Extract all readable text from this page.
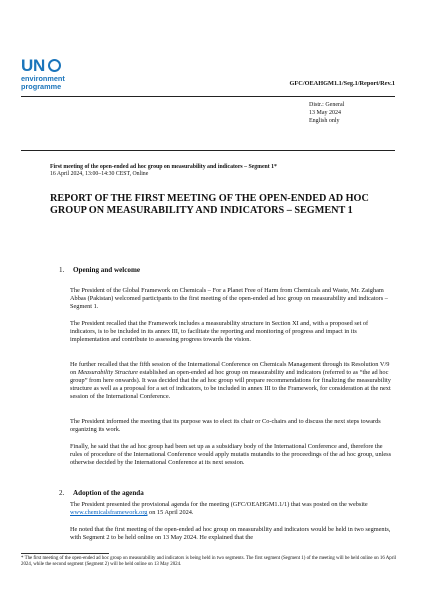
UN
environment
programme	GFC/OEAHGM1.1/Seg.1/Report/Rev.1
Distr.: General
13 May 2024
English only
First meeting of the open-ended ad hoc group on measurability and indicators – Segment 1*
16 April 2024, 13:00–14:30 CEST, Online
REPORT OF THE FIRST MEETING OF THE OPEN-ENDED AD HOC GROUP ON MEASURABILITY AND INDICATORS – SEGMENT 1
1. Opening and welcome
The President of the Global Framework on Chemicals – For a Planet Free of Harm from Chemicals and Waste, Mr. Zaigham Abbas (Pakistan) welcomed participants to the first meeting of the open-ended ad hoc group on measurability and indicators – Segment 1.
The President recalled that the Framework includes a measurability structure in Section XI and, with a proposed set of indicators, is to be included in its annex III, to facilitate the reporting and monitoring of progress and impact in its implementation and contribute to assessing progress towards the vision.
He further recalled that the fifth session of the International Conference on Chemicals Management through its Resolution V/9 on Measurability Structure established an open-ended ad hoc group on measurability and indicators (referred to as “the ad hoc group” from here onwards). It was decided that the ad hoc group will prepare recommendations for finalizing the measurability structure as well as a proposal for a set of indicators, to be included in annex III to the Framework, for consideration at the next session of the International Conference.
The President informed the meeting that its purpose was to elect its chair or Co-chairs and to discuss the next steps towards organizing its work.
Finally, he said that the ad hoc group had been set up as a subsidiary body of the International Conference and, therefore the rules of procedure of the International Conference would apply mutatis mutandis to the proceedings of the ad hoc group, unless otherwise decided by the International Conference at its next session.
2. Adoption of the agenda
The President presented the provisional agenda for the meeting (GFC/OEAHGM1.1/1) that was posted on the website www.chemicalsframework.org on 15 April 2024.
He noted that the first meeting of the open-ended ad hoc group on measurability and indicators would be held in two segments, with Segment 2 to be held online on 13 May 2024. He explained that the
* The first meeting of the open-ended ad hoc group on measurability and indicators is being held in two segments. The first segment (Segment 1) of the meeting will be held online on 16 April 2024, while the second segment (Segment 2) will be held online on 13 May 2024.
